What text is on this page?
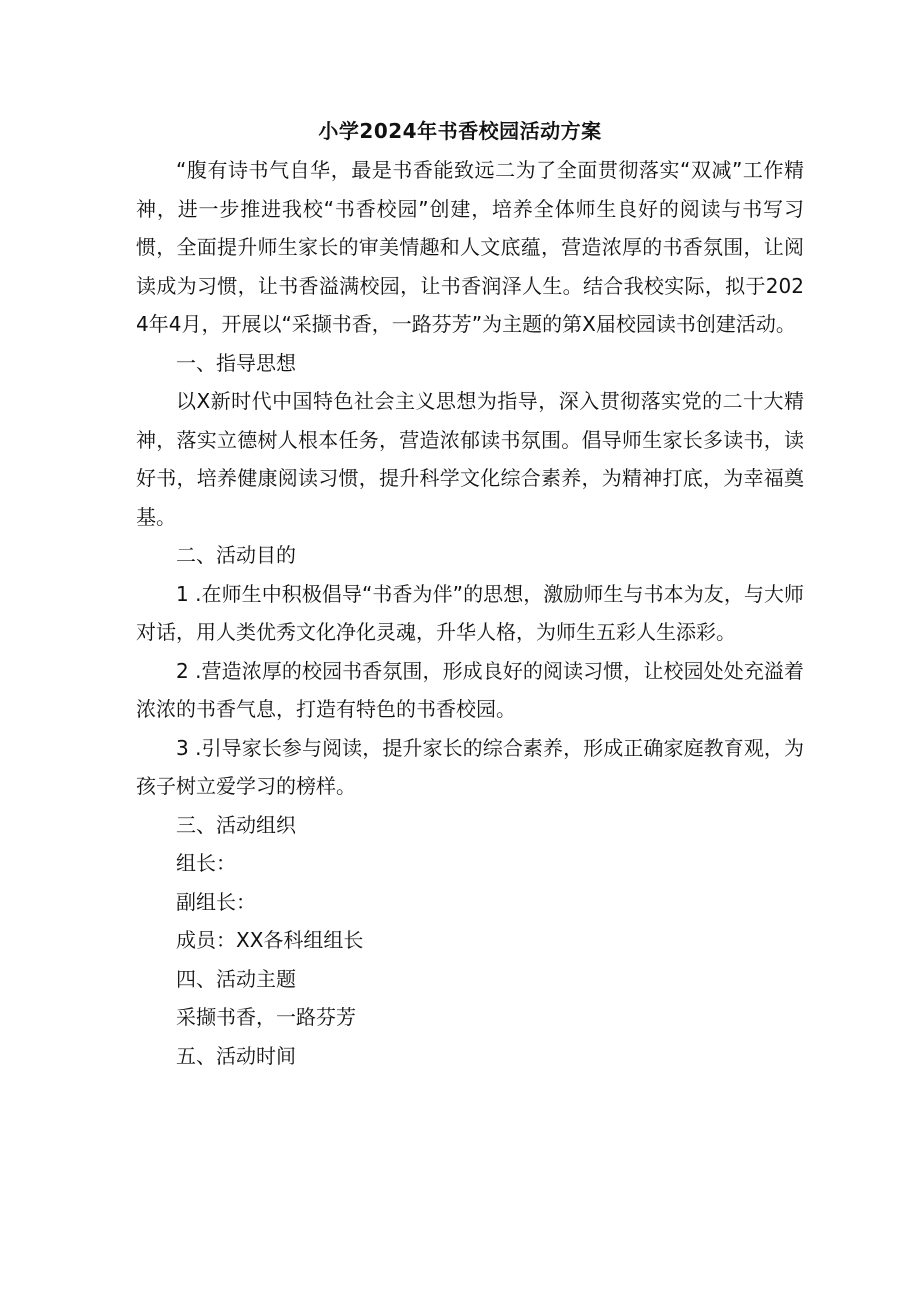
小学2024年书香校园活动方案

“腹有诗书气自华，最是书香能致远二为了全面贯彻落实“双减”工作精神，进一步推进我校“书香校园”创建，培养全体师生良好的阅读与书写习惯，全面提升师生家长的审美情趣和人文底蕴，营造浓厚的书香氛围，让阅读成为习惯，让书香溢满校园，让书香润泽人生。结合我校实际，拟于2024年4月，开展以“采撷书香，一路芬芳”为主题的第X届校园读书创建活动。

一、指导思想

以X新时代中国特色社会主义思想为指导，深入贯彻落实党的二十大精神，落实立德树人根本任务，营造浓郁读书氛围。倡导师生家长多读书，读好书，培养健康阅读习惯，提升科学文化综合素养，为精神打底，为幸福奠基。

二、活动目的

1 .在师生中积极倡导“书香为伴”的思想，激励师生与书本为友，与大师对话，用人类优秀文化净化灵魂，升华人格，为师生五彩人生添彩。

2 .营造浓厚的校园书香氛围，形成良好的阅读习惯，让校园处处充溢着浓浓的书香气息，打造有特色的书香校园。

3 .引导家长参与阅读，提升家长的综合素养，形成正确家庭教育观，为孩子树立爱学习的榜样。

三、活动组织

组长：

副组长：

成员：XX各科组组长

四、活动主题

采撷书香，一路芬芳

五、活动时间
